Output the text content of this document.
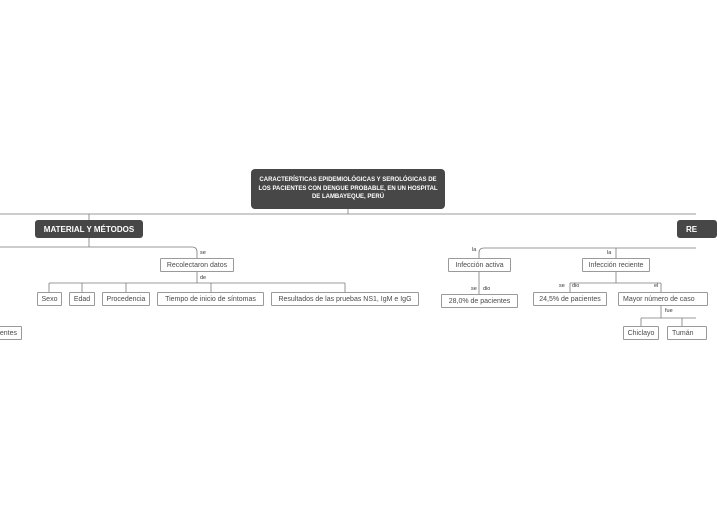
CARACTERÍSTICAS EPIDEMIOLÓGICAS Y SEROLÓGICAS DE LOS PACIENTES CON DENGUE PROBABLE, EN UN HOSPITAL DE LAMBAYEQUE, PERÚ
MATERIAL Y MÉTODOS
se
Recolectaron datos
de
Sexo Edad Procedencia	Tiempo de inicio de síntomas	Resultados de las pruebas NS1, IgM e IgG
entes
RE
la
Infección activa
se dio
28,0% de pacientes
la
Infección reciente
se dio	el
24,5% de pacientes	Mayor número de caso
fue
Chiclayo	Tumán
